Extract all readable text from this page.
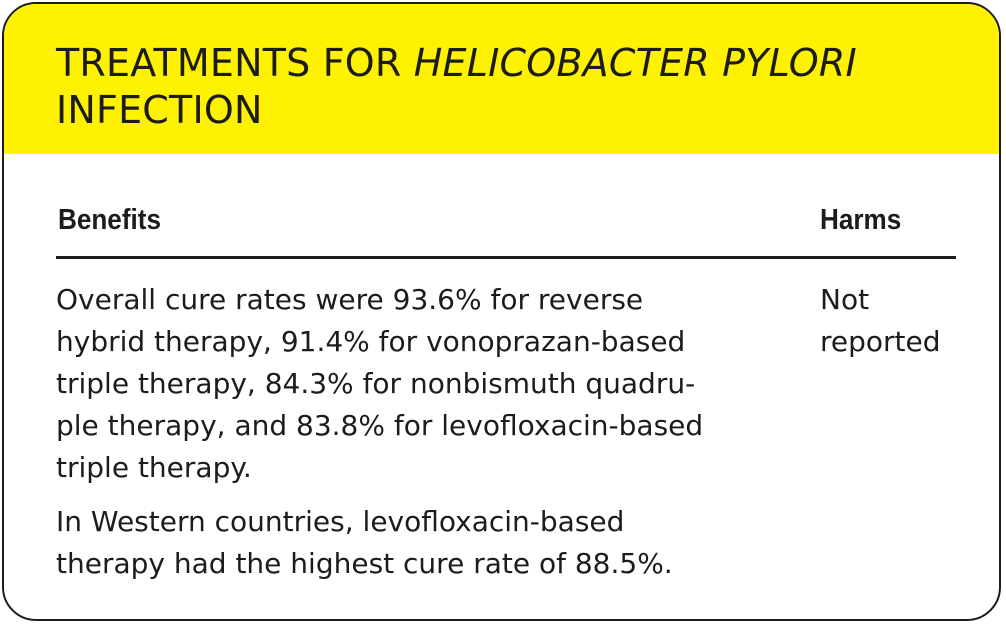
TREATMENTS FOR HELICOBACTER PYLORI
INFECTION
Benefits	Harms

Overall cure rates were 93.6% for reverse
hybrid therapy, 91.4% for vonoprazan-based
triple therapy, 84.3% for nonbismuth quadru-
ple therapy, and 83.8% for levofloxacin-based
triple therapy.

In Western countries, levofloxacin-based
therapy had the highest cure rate of 88.5%.

Not
reported
